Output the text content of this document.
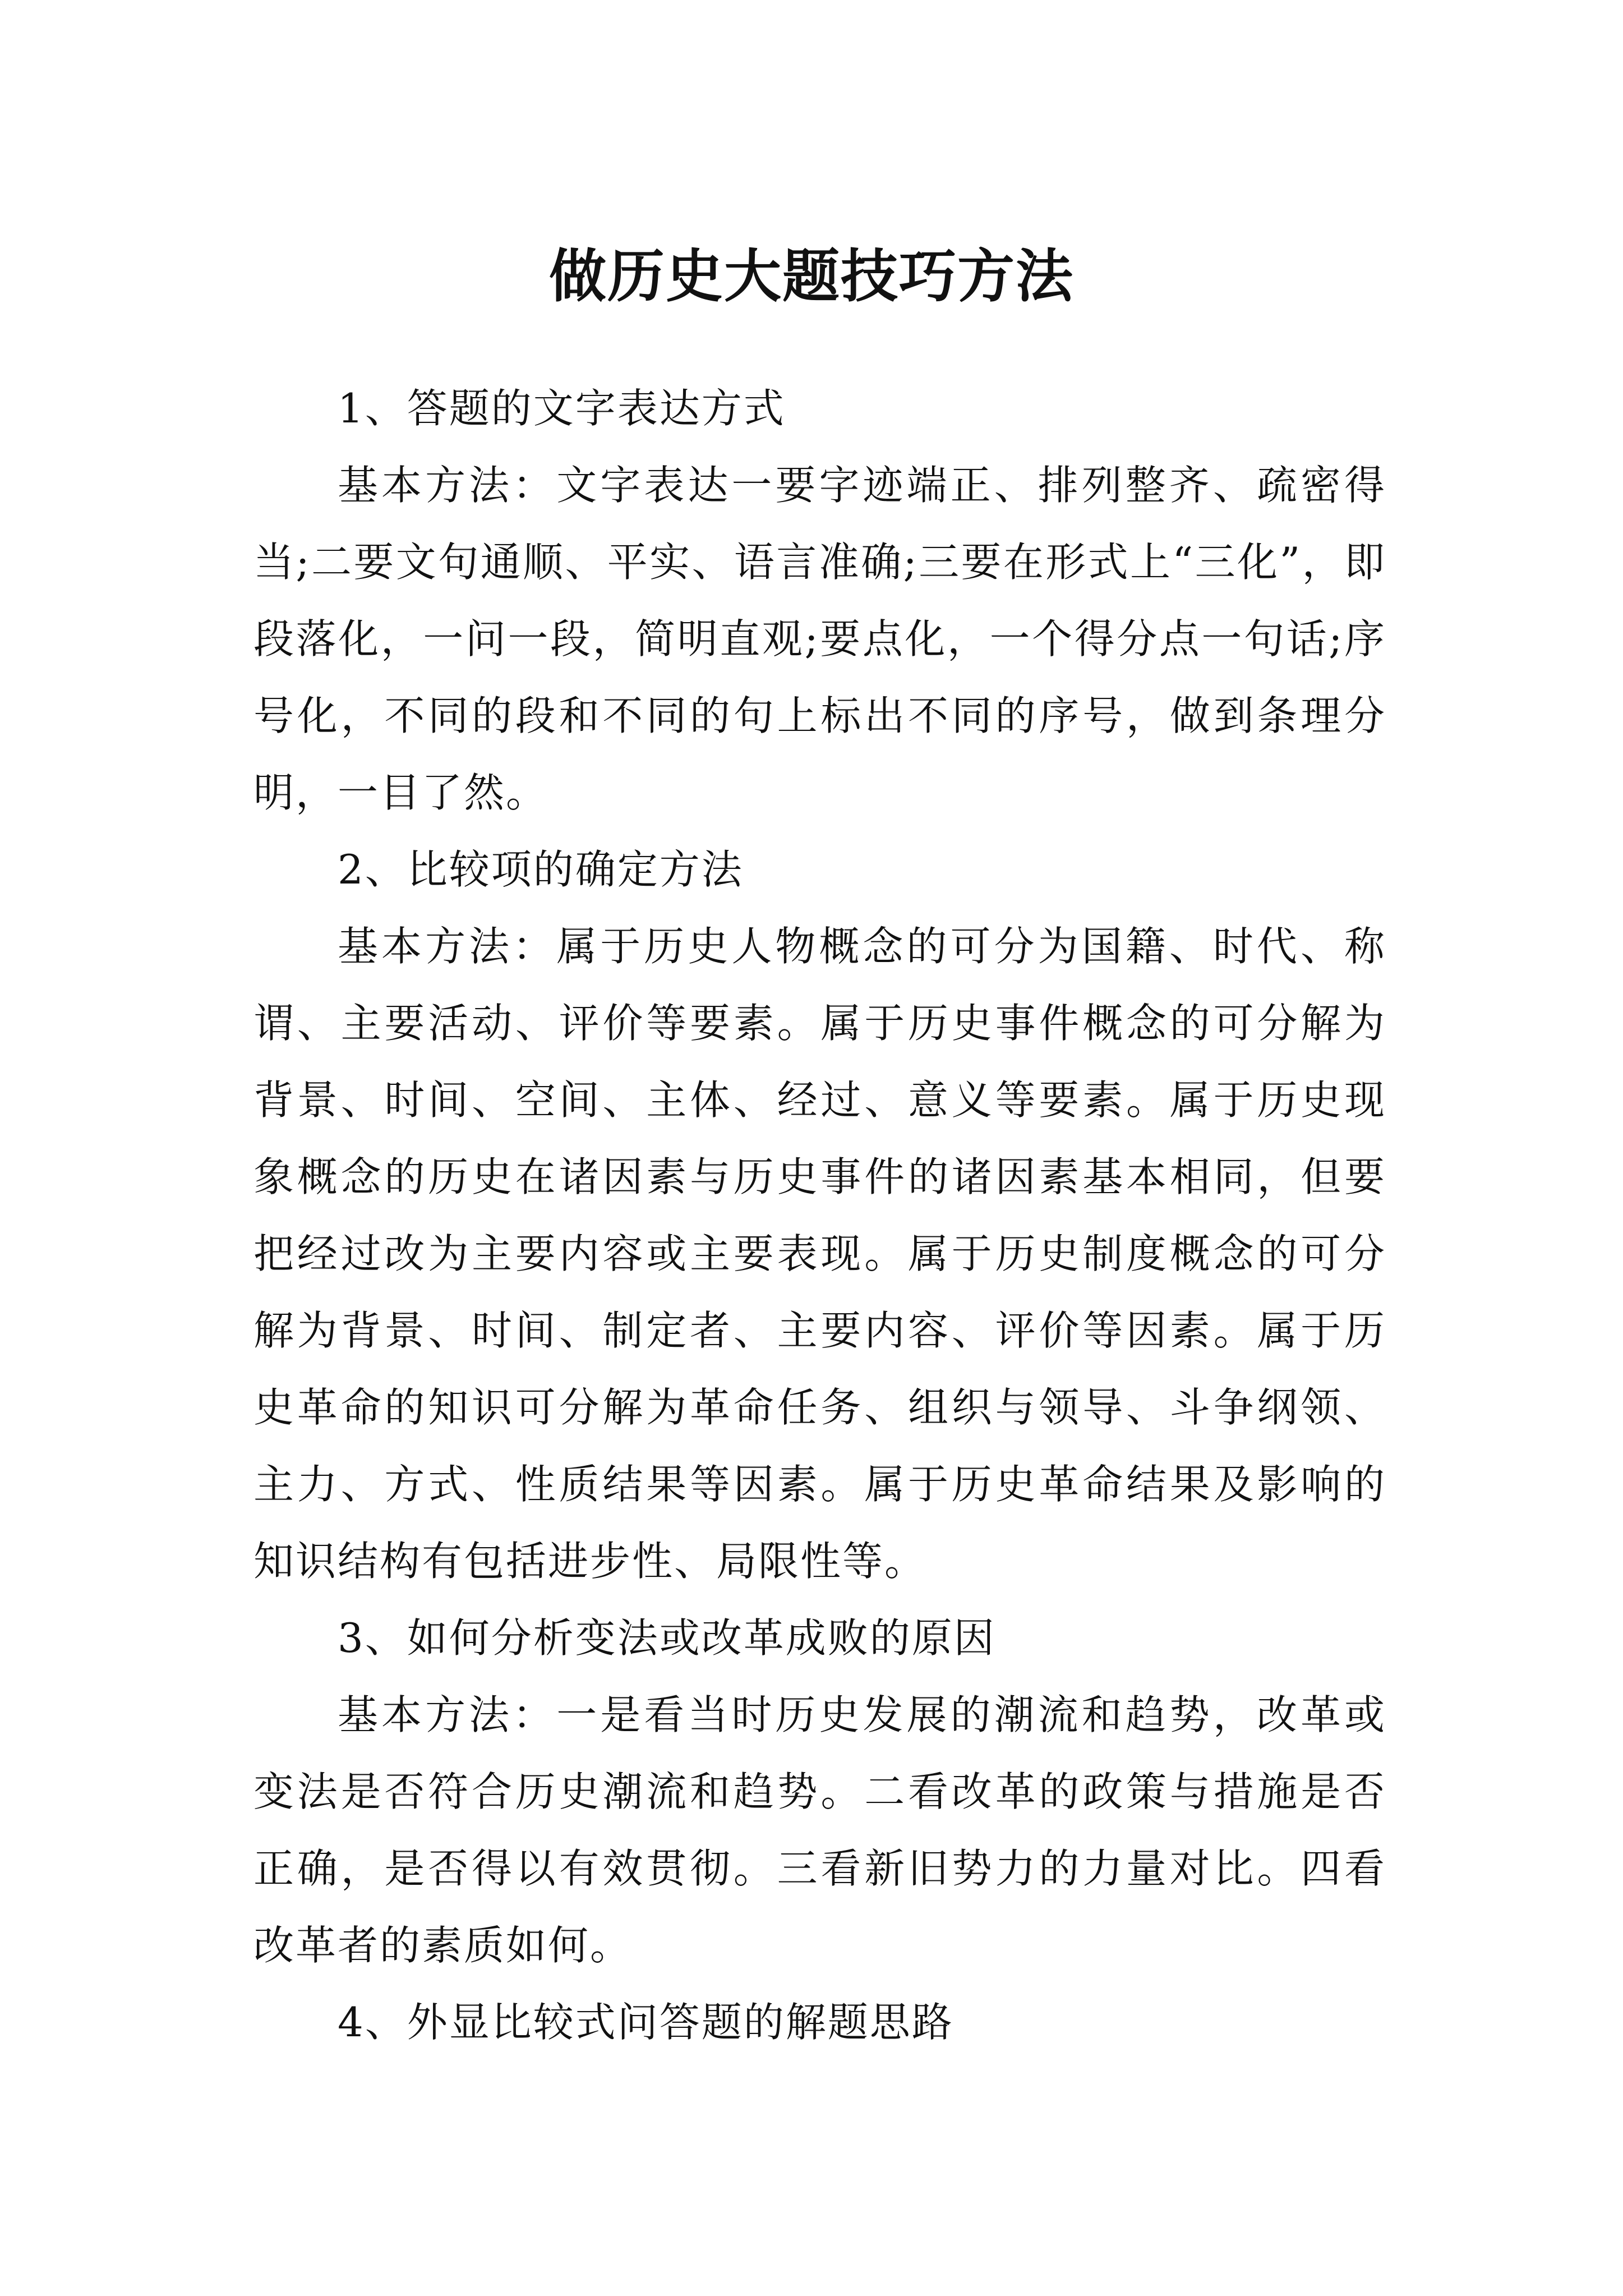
做历史大题技巧方法

1、答题的文字表达方式

基本方法：文字表达一要字迹端正、排列整齐、疏密得当;二要文句通顺、平实、语言准确;三要在形式上“三化”，即段落化，一问一段，简明直观;要点化，一个得分点一句话;序号化，不同的段和不同的句上标出不同的序号，做到条理分明，一目了然。

2、比较项的确定方法

基本方法：属于历史人物概念的可分为国籍、时代、称谓、主要活动、评价等要素。属于历史事件概念的可分解为背景、时间、空间、主体、经过、意义等要素。属于历史现象概念的历史在诸因素与历史事件的诸因素基本相同，但要把经过改为主要内容或主要表现。属于历史制度概念的可分解为背景、时间、制定者、主要内容、评价等因素。属于历史革命的知识可分解为革命任务、组织与领导、斗争纲领、主力、方式、性质结果等因素。属于历史革命结果及影响的知识结构有包括进步性、局限性等。

3、如何分析变法或改革成败的原因

基本方法：一是看当时历史发展的潮流和趋势，改革或变法是否符合历史潮流和趋势。二看改革的政策与措施是否正确，是否得以有效贯彻。三看新旧势力的力量对比。四看改革者的素质如何。

4、外显比较式问答题的解题思路
